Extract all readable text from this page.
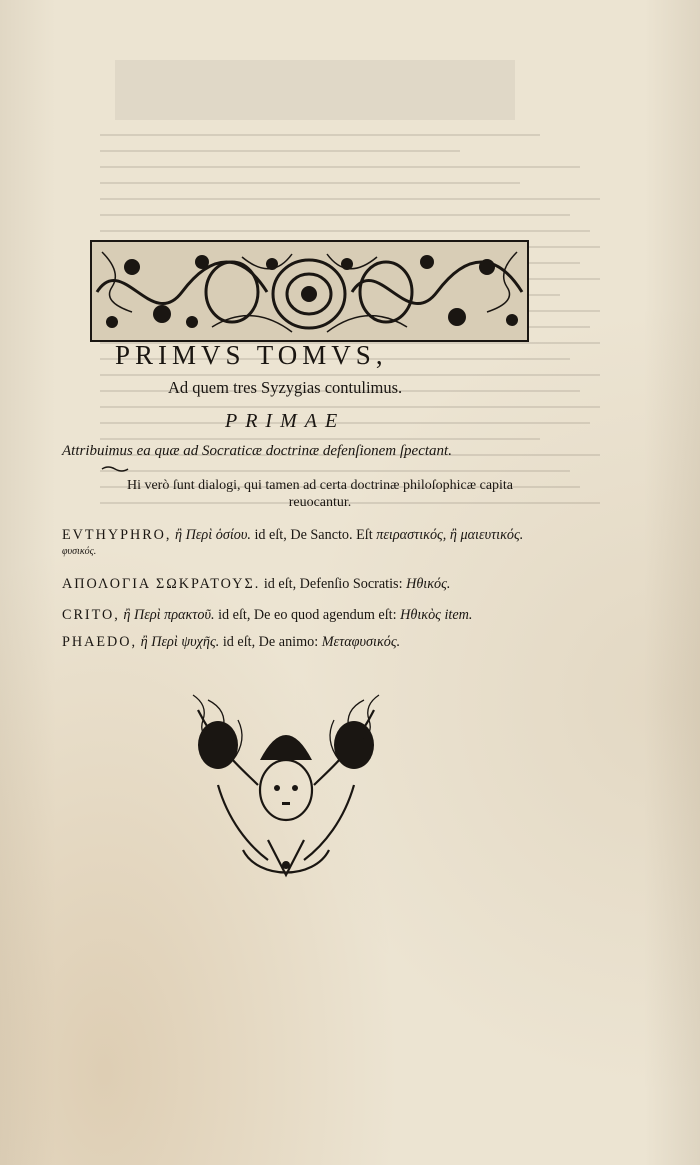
PRIMVS TOMVS,
Ad quem tres Syzygias contulimus.
PRIMAE
Attribuimus ea quæ ad Socraticæ doctrinæ defenſionem ſpectant.
Hi verò ſunt dialogi, qui tamen ad certa doctrinæ philoſophicæ capita reuocantur.
EVTHYPHRO, ἢ Περὶ ὁσίου. id eſt, De Sancto. Eſt πειραστικός, ἢ μαιευτικός.
φυσικός.
ΑΠΟΛΟΓΙΑ ΣΩΚΡΑΤΟΥΣ. id eſt, Defenſio Socratis: Ηθικός.
CRITO, ἢ Περὶ πρακτοῦ. id eſt, De eo quod agendum eſt: Ηθικὸς item.
PHAEDO, ἢ Περὶ ψυχῆς. id eſt, De animo: Μεταφυσικός.
